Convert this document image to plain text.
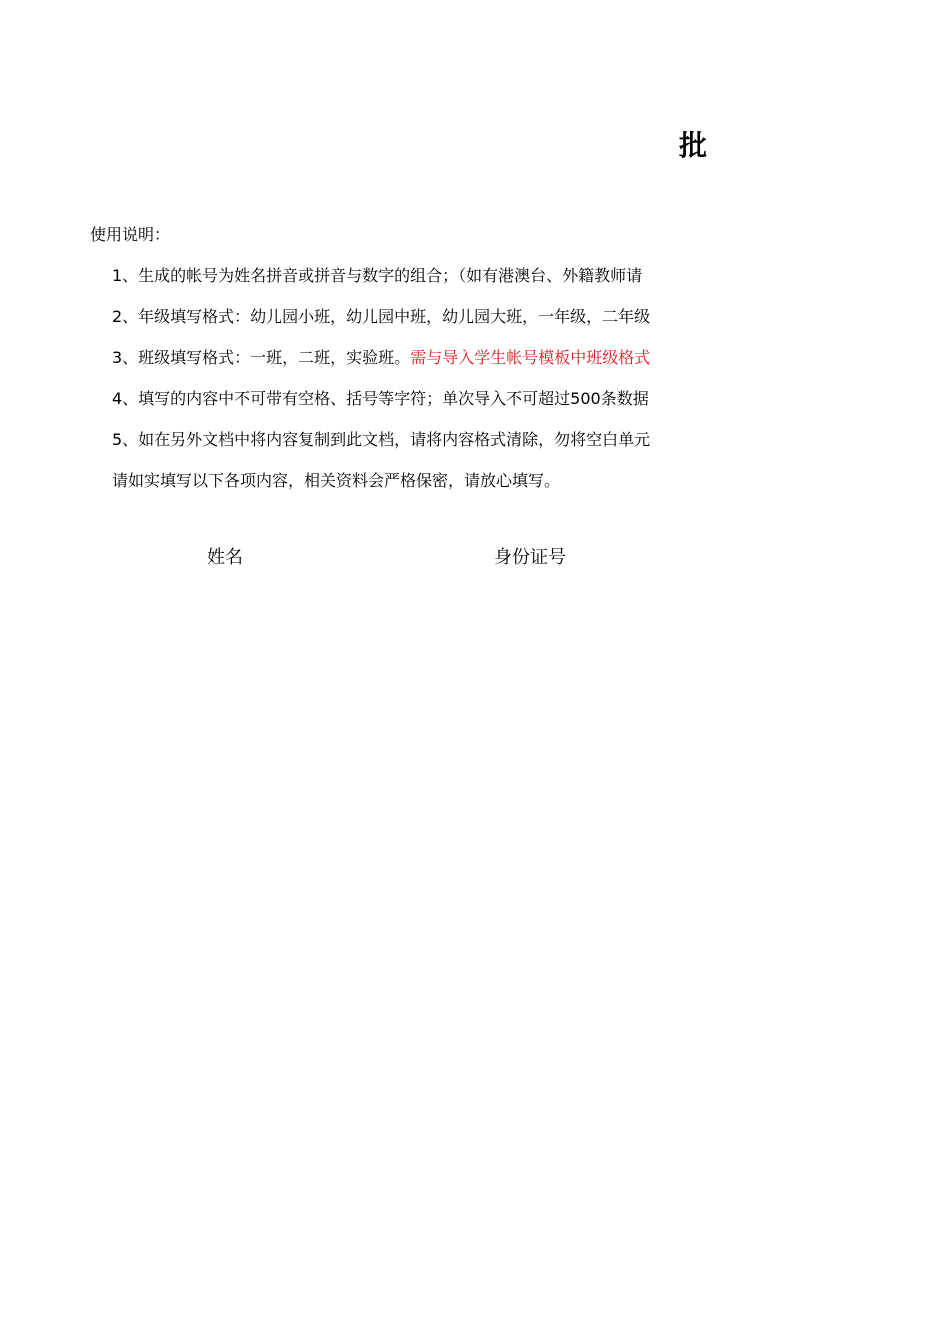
批
使用说明：
1、生成的帐号为姓名拼音或拼音与数字的组合；（如有港澳台、外籍教师请
2、年级填写格式：幼儿园小班，幼儿园中班，幼儿园大班，一年级，二年级
3、班级填写格式：一班，二班，实验班。需与导入学生帐号模板中班级格式
4、填写的内容中不可带有空格、括号等字符；单次导入不可超过500条数据
5、如在另外文档中将内容复制到此文档，请将内容格式清除，勿将空白单元
请如实填写以下各项内容，相关资料会严格保密，请放心填写。
姓名	身份证号
